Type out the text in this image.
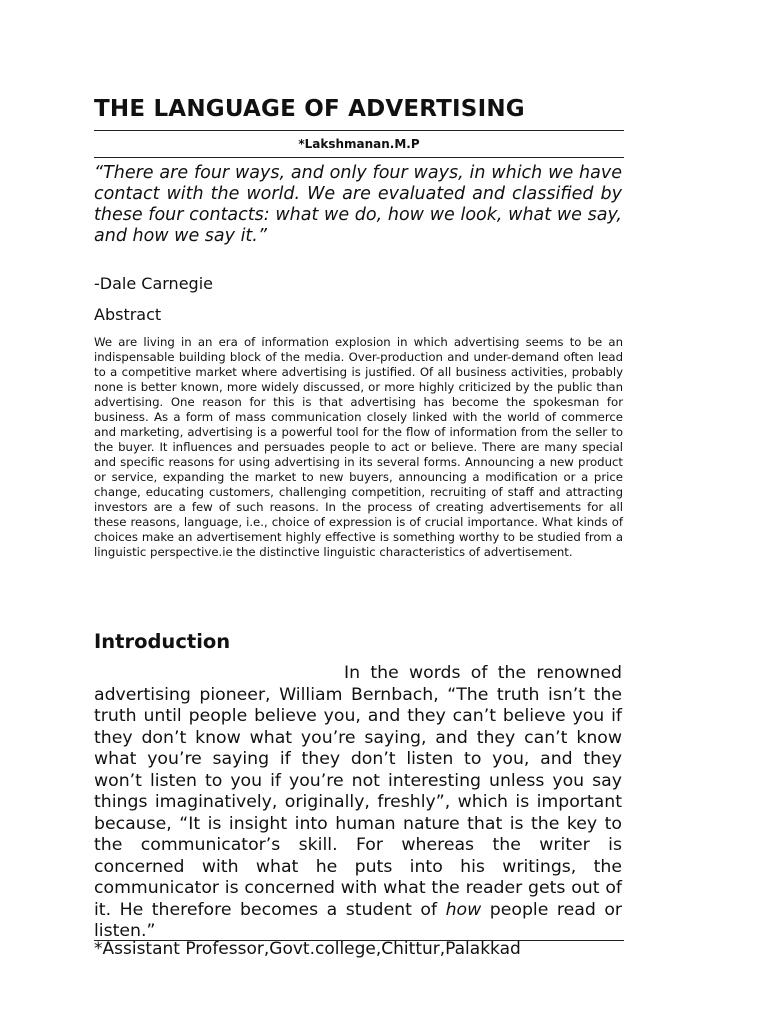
THE LANGUAGE OF ADVERTISING
*Lakshmanan.M.P

“There are four ways, and only four ways, in which we have contact with the world. We are evaluated and classified by these four contacts: what we do, how we look, what we say, and how we say it.”

-Dale Carnegie
Abstract

We are living in an era of information explosion in which advertising seems to be an indispensable building block of the media. Over-production and under-demand often lead to a competitive market where advertising is justified. Of all business activities, probably none is better known, more widely discussed, or more highly criticized by the public than advertising. One reason for this is that advertising has become the spokesman for business. As a form of mass communication closely linked with the world of commerce and marketing, advertising is a powerful tool for the flow of information from the seller to the buyer. It influences and persuades people to act or believe. There are many special and specific reasons for using advertising in its several forms. Announcing a new product or service, expanding the market to new buyers, announcing a modification or a price change, educating customers, challenging competition, recruiting of staff and attracting investors are a few of such reasons. In the process of creating advertisements for all these reasons, language, i.e., choice of expression is of crucial importance. What kinds of choices make an advertisement highly effective is something worthy to be studied from a linguistic perspective.ie the distinctive linguistic characteristics of advertisement.

Introduction

In the words of the renowned advertising pioneer, William Bernbach, “The truth isn’t the truth until people believe you, and they can’t believe you if they don’t know what you’re saying, and they can’t know what you’re saying if they don’t listen to you, and they won’t listen to you if you’re not interesting unless you say things imaginatively, originally, freshly”, which is important because, “It is insight into human nature that is the key to the communicator’s skill. For whereas the writer is concerned with what he puts into his writings, the communicator is concerned with what the reader gets out of it. He therefore becomes a student of how people read or listen.”

*Assistant Professor,Govt.college,Chittur,Palakkad
